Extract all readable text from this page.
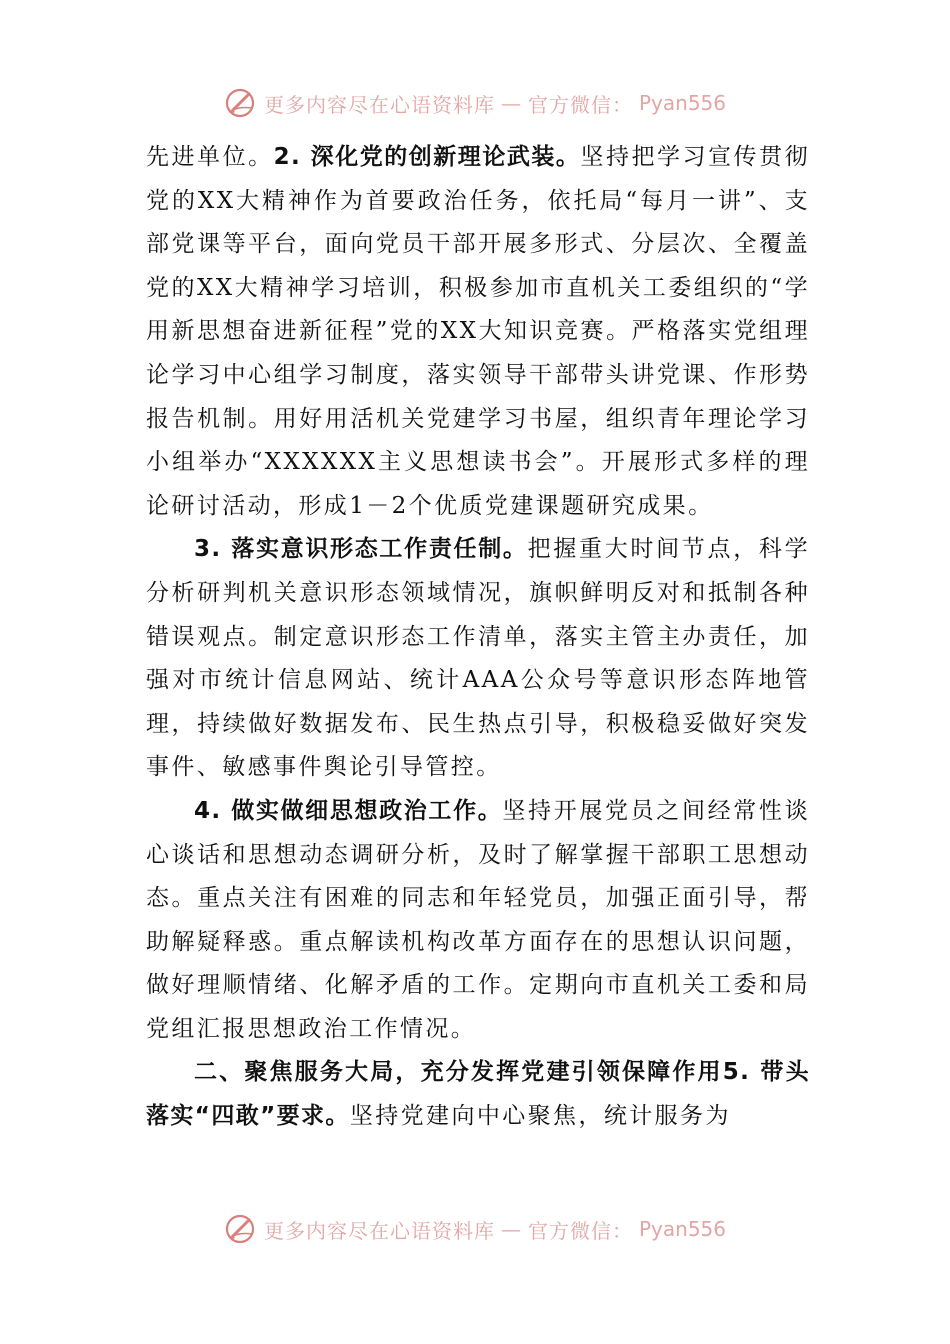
更多内容尽在心语资料库 — 官方微信： Pyan556

先进单位。2. 深化党的创新理论武装。坚持把学习宣传贯彻党的XX大精神作为首要政治任务，依托局“每月一讲”、支部党课等平台，面向党员干部开展多形式、分层次、全覆盖党的XX大精神学习培训，积极参加市直机关工委组织的“学用新思想奋进新征程”党的XX大知识竞赛。严格落实党组理论学习中心组学习制度，落实领导干部带头讲党课、作形势报告机制。用好用活机关党建学习书屋，组织青年理论学习小组举办“XXXXXX主义思想读书会”。开展形式多样的理论研讨活动，形成1－2个优质党建课题研究成果。

3. 落实意识形态工作责任制。把握重大时间节点，科学分析研判机关意识形态领域情况，旗帜鲜明反对和抵制各种错误观点。制定意识形态工作清单，落实主管主办责任，加强对市统计信息网站、统计AAA公众号等意识形态阵地管理，持续做好数据发布、民生热点引导，积极稳妥做好突发事件、敏感事件舆论引导管控。

4. 做实做细思想政治工作。坚持开展党员之间经常性谈心谈话和思想动态调研分析，及时了解掌握干部职工思想动态。重点关注有困难的同志和年轻党员，加强正面引导，帮助解疑释惑。重点解读机构改革方面存在的思想认识问题，做好理顺情绪、化解矛盾的工作。定期向市直机关工委和局党组汇报思想政治工作情况。

二、聚焦服务大局，充分发挥党建引领保障作用5. 带头落实“四敢”要求。坚持党建向中心聚焦，统计服务为

更多内容尽在心语资料库 — 官方微信： Pyan556
